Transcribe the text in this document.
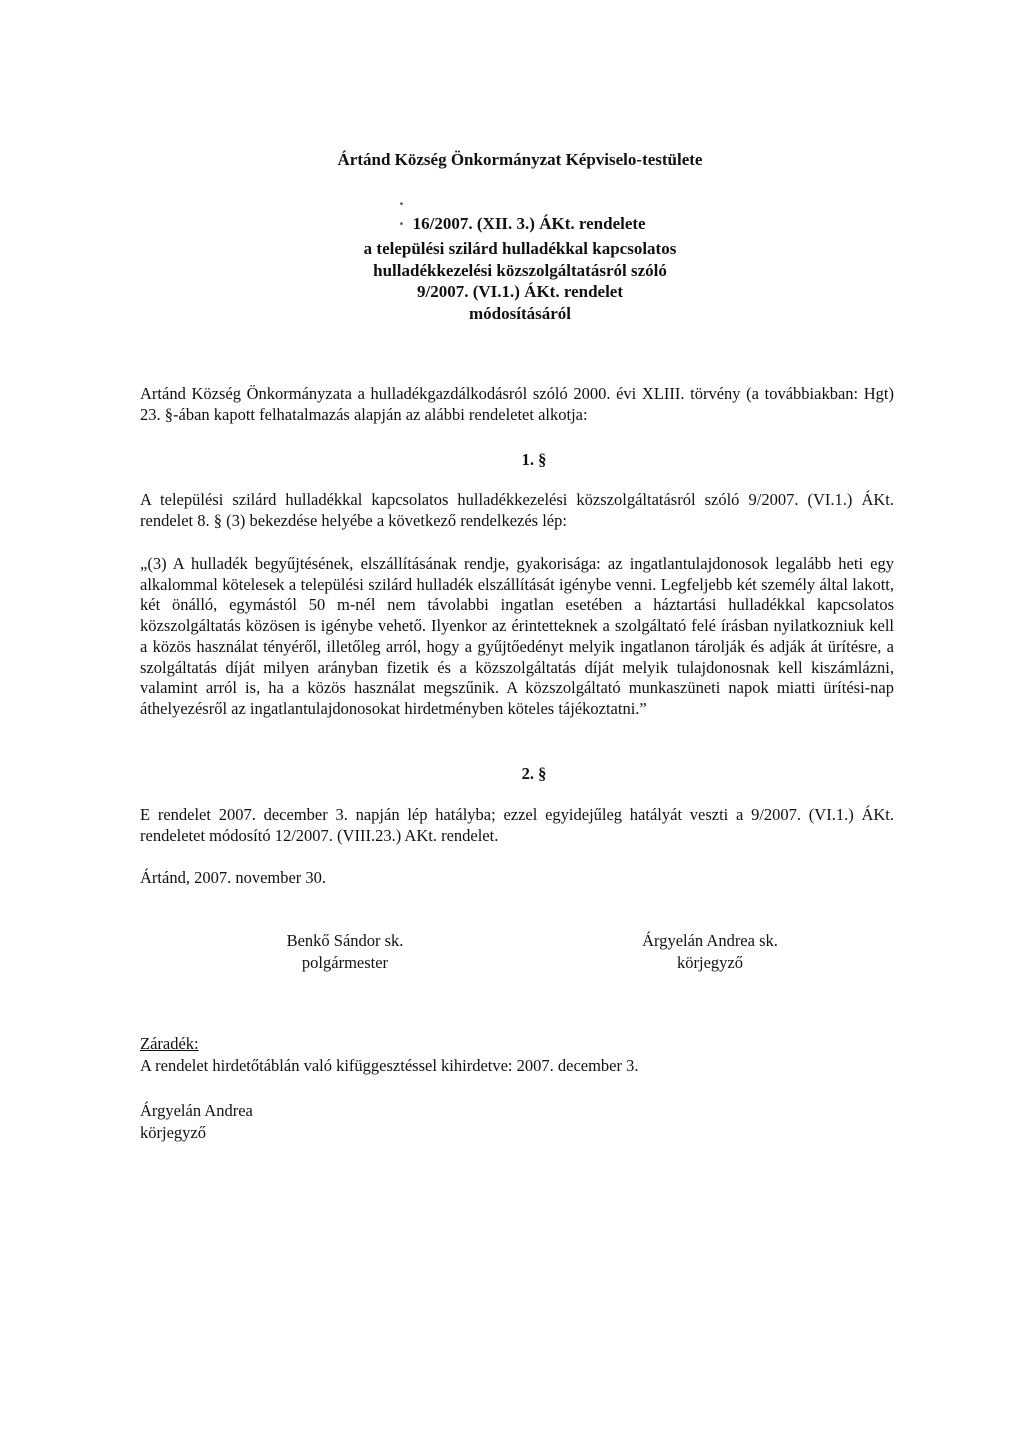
Ártánd Község Önkormányzat Képviselo-testülete
· · 16/2007. (XII. 3.) ÁKt. rendelete
a települési szilárd hulladékkal kapcsolatos
hulladékkezelési közszolgáltatásról szóló
9/2007. (VI.1.) ÁKt. rendelet
módosításáról
Artánd Község Önkormányzata a hulladékgazdálkodásról szóló 2000. évi XLIII. törvény (a továbbiakban: Hgt) 23. §-ában kapott felhatalmazás alapján az alábbi rendeletet alkotja:
1. §
A települési szilárd hulladékkal kapcsolatos hulladékkezelési közszolgáltatásról szóló 9/2007. (VI.1.) ÁKt. rendelet 8. § (3) bekezdése helyébe a következő rendelkezés lép:
„(3) A hulladék begyűjtésének, elszállításának rendje, gyakorisága: az ingatlantulajdonosok legalább heti egy alkalommal kötelesek a települési szilárd hulladék elszállítását igénybe venni. Legfeljebb két személy által lakott, két önálló, egymástól 50 m-nél nem távolabbi ingatlan esetében a háztartási hulladékkal kapcsolatos közszolgáltatás közösen is igénybe vehető. Ilyenkor az érintetteknek a szolgáltató felé írásban nyilatkozniuk kell a közös használat tényéről, illetőleg arról, hogy a gyűjtőedényt melyik ingatlanon tárolják és adják át ürítésre, a szolgáltatás díját milyen arányban fizetik és a közszolgáltatás díját melyik tulajdonosnak kell kiszámlázni, valamint arról is, ha a közös használat megszűnik. A közszolgáltató munkaszüneti napok miatti ürítési-nap áthelyezésről az ingatlantulajdonosokat hirdetményben köteles tájékoztatni.”
2. §
E rendelet 2007. december 3. napján lép hatályba; ezzel egyidejűleg hatályát veszti a 9/2007. (VI.1.) ÁKt. rendeletet módosító 12/2007. (VIII.23.) AKt. rendelet.
Ártánd, 2007. november 30.
Benkő Sándor sk.
polgármester
Árgyelán Andrea sk.
körjegyző
Záradék:
A rendelet hirdetőtáblán való kifüggesztéssel kihirdetve: 2007. december 3.
Árgyelán Andrea
körjegyző
